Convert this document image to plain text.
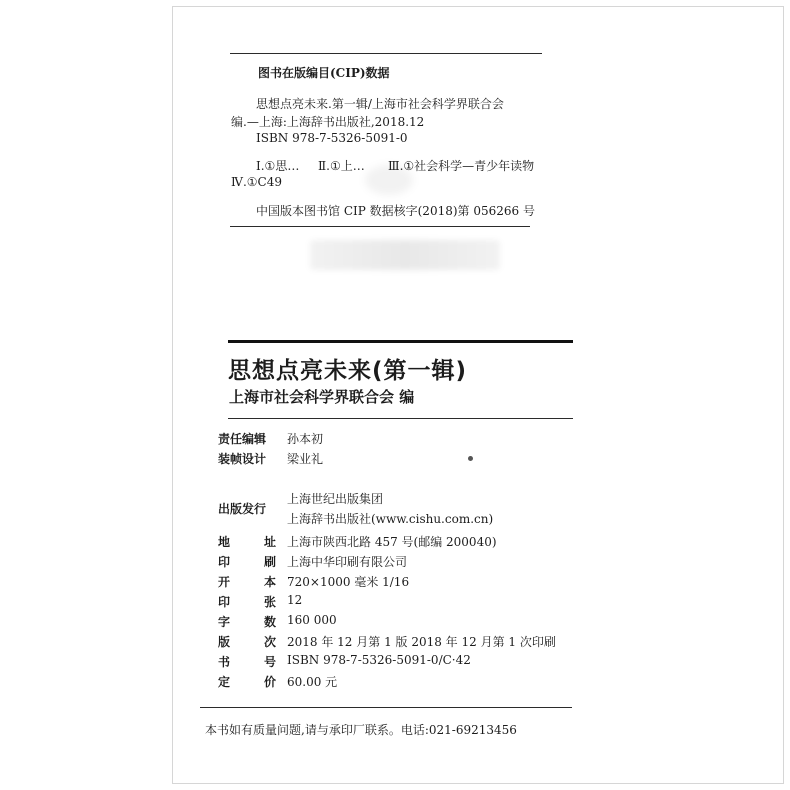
图书在版编目(CIP)数据
思想点亮未来.第一辑/上海市社会科学界联合会
编.—上海:上海辞书出版社,2018.12
ISBN 978-7-5326-5091-0
Ⅰ.①思… Ⅱ.①上… Ⅲ.①社会科学—青少年读物
Ⅳ.①C49
中国版本图书馆 CIP 数据核字(2018)第 056266 号
思想点亮未来(第一辑)
上海市社会科学界联合会 编
责任编辑 孙本初
装帧设计 梁业礼
出版发行
上海世纪出版集团
上海辞书出版社(www.cishu.com.cn)
地	址 上海市陕西北路 457 号(邮编 200040)
印	刷 上海中华印刷有限公司
开	本 720×1000 毫米 1/16
印	张 12
字	数 160 000
版	次 2018 年 12 月第 1 版 2018 年 12 月第 1 次印刷
书	号 ISBN 978-7-5326-5091-0/C·42
定	价 60.00 元
本书如有质量问题,请与承印厂联系。电话:021-69213456
